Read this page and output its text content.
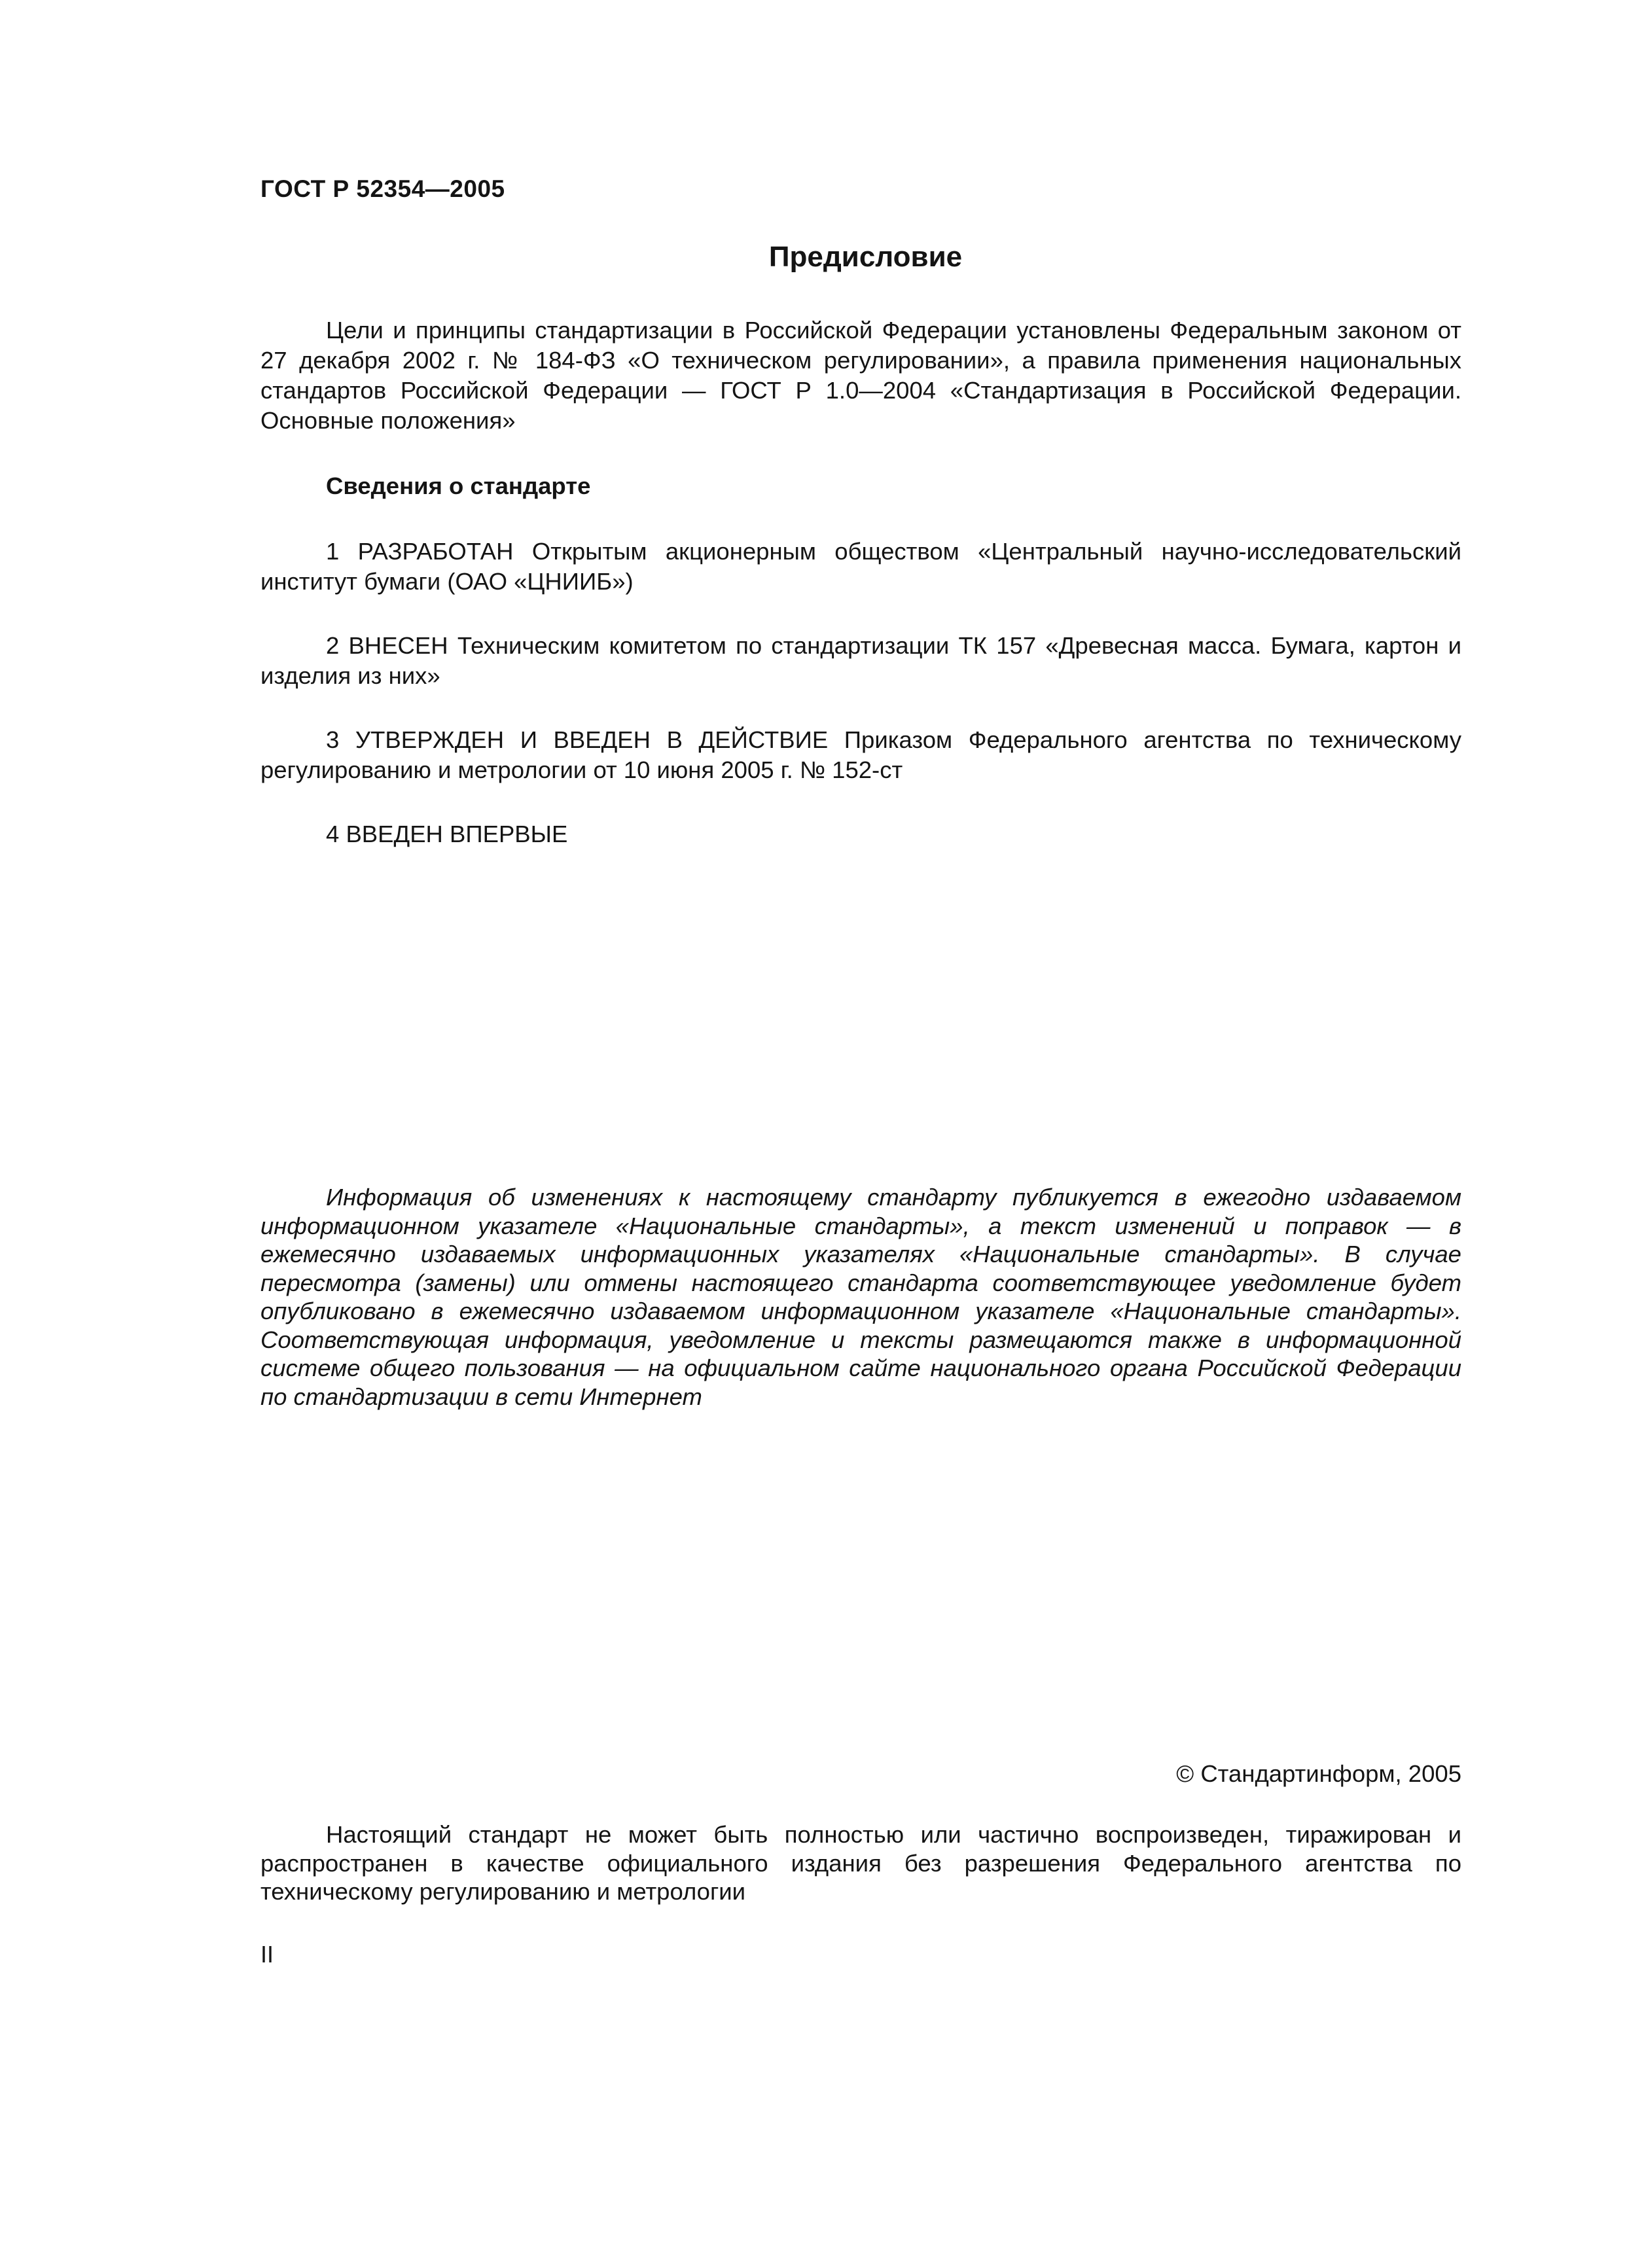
ГОСТ Р 52354—2005
Предисловие

Цели и принципы стандартизации в Российской Федерации установлены Федеральным законом от 27 декабря 2002 г. № 184-ФЗ «О техническом регулировании», а правила применения национальных стандартов Российской Федерации — ГОСТ Р 1.0—2004 «Стандартизация в Российской Федерации. Основные положения»

Сведения о стандарте

1 РАЗРАБОТАН Открытым акционерным обществом «Центральный научно-исследовательский институт бумаги (ОАО «ЦНИИБ»)

2 ВНЕСЕН Техническим комитетом по стандартизации ТК 157 «Древесная масса. Бумага, картон и изделия из них»

3 УТВЕРЖДЕН И ВВЕДЕН В ДЕЙСТВИЕ Приказом Федерального агентства по техническому регулированию и метрологии от 10 июня 2005 г. № 152-ст

4 ВВЕДЕН ВПЕРВЫЕ

Информация об изменениях к настоящему стандарту публикуется в ежегодно издаваемом информационном указателе «Национальные стандарты», а текст изменений и поправок — в ежемесячно издаваемых информационных указателях «Национальные стандарты». В случае пересмотра (замены) или отмены настоящего стандарта соответствующее уведомление будет опубликовано в ежемесячно издаваемом информационном указателе «Национальные стандарты». Соответствующая информация, уведомление и тексты размещаются также в информационной системе общего пользования — на официальном сайте национального органа Российской Федерации по стандартизации в сети Интернет

© Стандартинформ, 2005

Настоящий стандарт не может быть полностью или частично воспроизведен, тиражирован и распространен в качестве официального издания без разрешения Федерального агентства по техническому регулированию и метрологии

II
